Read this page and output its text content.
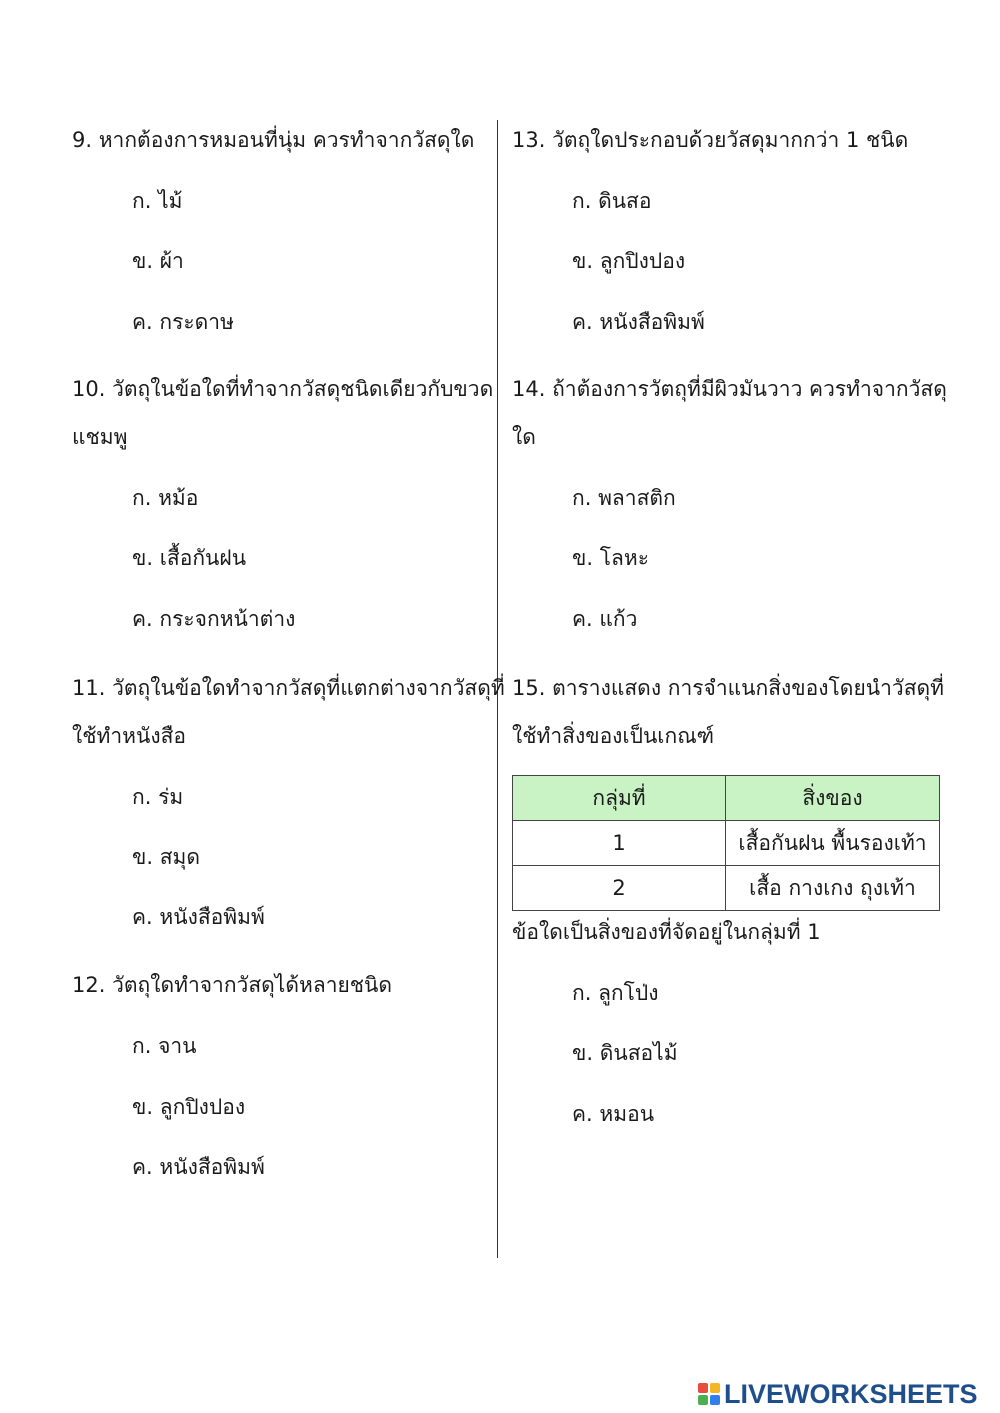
9. หากต้องการหมอนที่นุ่ม ควรทำจากวัสดุใด
ก. ไม้
ข. ผ้า
ค. กระดาษ
10. วัตถุในข้อใดที่ทำจากวัสดุชนิดเดียวกับขวด
แชมพู
ก. หม้อ
ข. เสื้อกันฝน
ค. กระจกหน้าต่าง
11. วัตถุในข้อใดทำจากวัสดุที่แตกต่างจากวัสดุที่
ใช้ทำหนังสือ
ก. ร่ม
ข. สมุด
ค. หนังสือพิมพ์
12. วัตถุใดทำจากวัสดุได้หลายชนิด
ก. จาน
ข. ลูกปิงปอง
ค. หนังสือพิมพ์
13. วัตถุใดประกอบด้วยวัสดุมากกว่า 1 ชนิด
ก. ดินสอ
ข. ลูกปิงปอง
ค. หนังสือพิมพ์
14. ถ้าต้องการวัตถุที่มีผิวมันวาว ควรทำจากวัสดุ
ใด
ก. พลาสติก
ข. โลหะ
ค. แก้ว
15. ตารางแสดง การจำแนกสิ่งของโดยนำวัสดุที่
ใช้ทำสิ่งของเป็นเกณฑ์
กลุ่มที่	สิ่งของ
1	เสื้อกันฝน พื้นรองเท้า
2	เสื้อ กางเกง ถุงเท้า
ข้อใดเป็นสิ่งของที่จัดอยู่ในกลุ่มที่ 1
ก. ลูกโป่ง
ข. ดินสอไม้
ค. หมอน
LIVEWORKSHEETS
